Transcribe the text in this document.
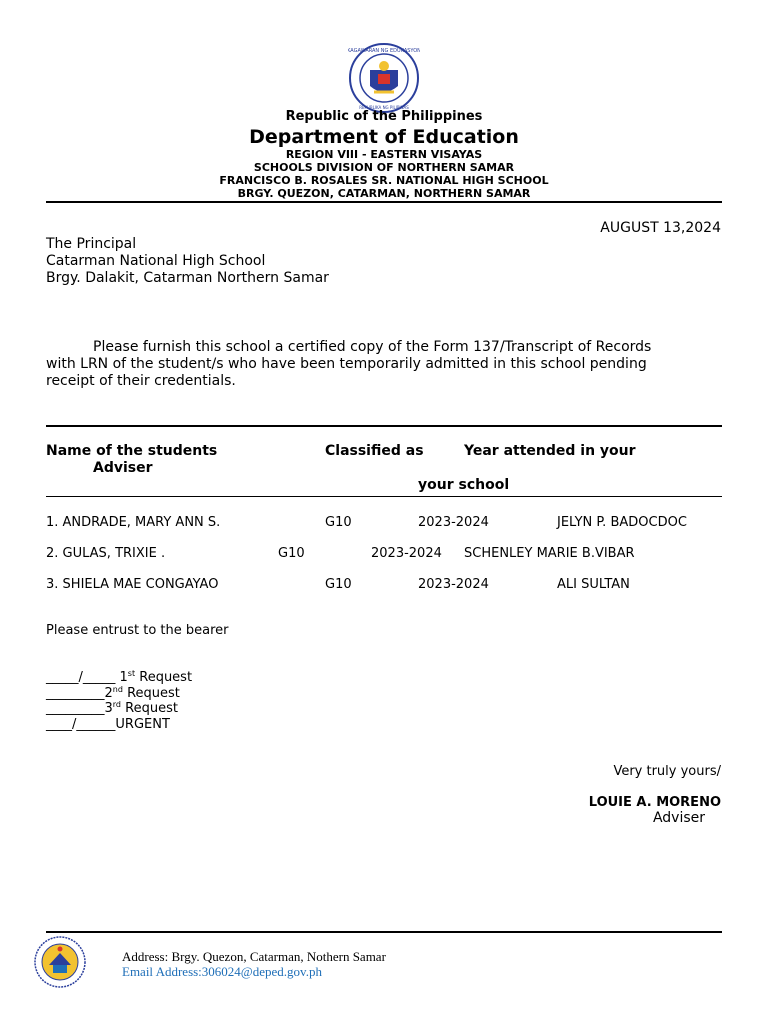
KAGAWARAN NG EDUKASYON
REPUBLIKA NG PILIPINAS
Republic of the Philippines
Department of Education
REGION VIII - EASTERN VISAYAS
SCHOOLS DIVISION OF NORTHERN SAMAR
FRANCISCO B. ROSALES SR. NATIONAL HIGH SCHOOL
BRGY. QUEZON, CATARMAN, NORTHERN SAMAR
AUGUST 13,2024
The Principal
Catarman National High School
Brgy. Dalakit, Catarman Northern Samar
Please furnish this school a certified copy of the Form 137/Transcript of Records
with LRN of the student/s who have been temporarily admitted in this school pending
receipt of their credentials.
Name of the students
Adviser
Classified as	Year attended in your
your school
1. ANDRADE, MARY ANN S.	G10	2023-2024	JELYN P. BADOCDOC
2. GULAS, TRIXIE .	G10	2023-2024 SCHENLEY MARIE B.VIBAR
3. SHIELA MAE CONGAYAO	G10	2023-2024	ALI SULTAN
Please entrust to the bearer
_____/_____ 1st Request
_________2nd Request
_________3rd Request
____/______URGENT
Very truly yours/
LOUIE A. MORENO
Adviser
Address: Brgy. Quezon, Catarman, Nothern Samar
Email Address:306024@deped.gov.ph
